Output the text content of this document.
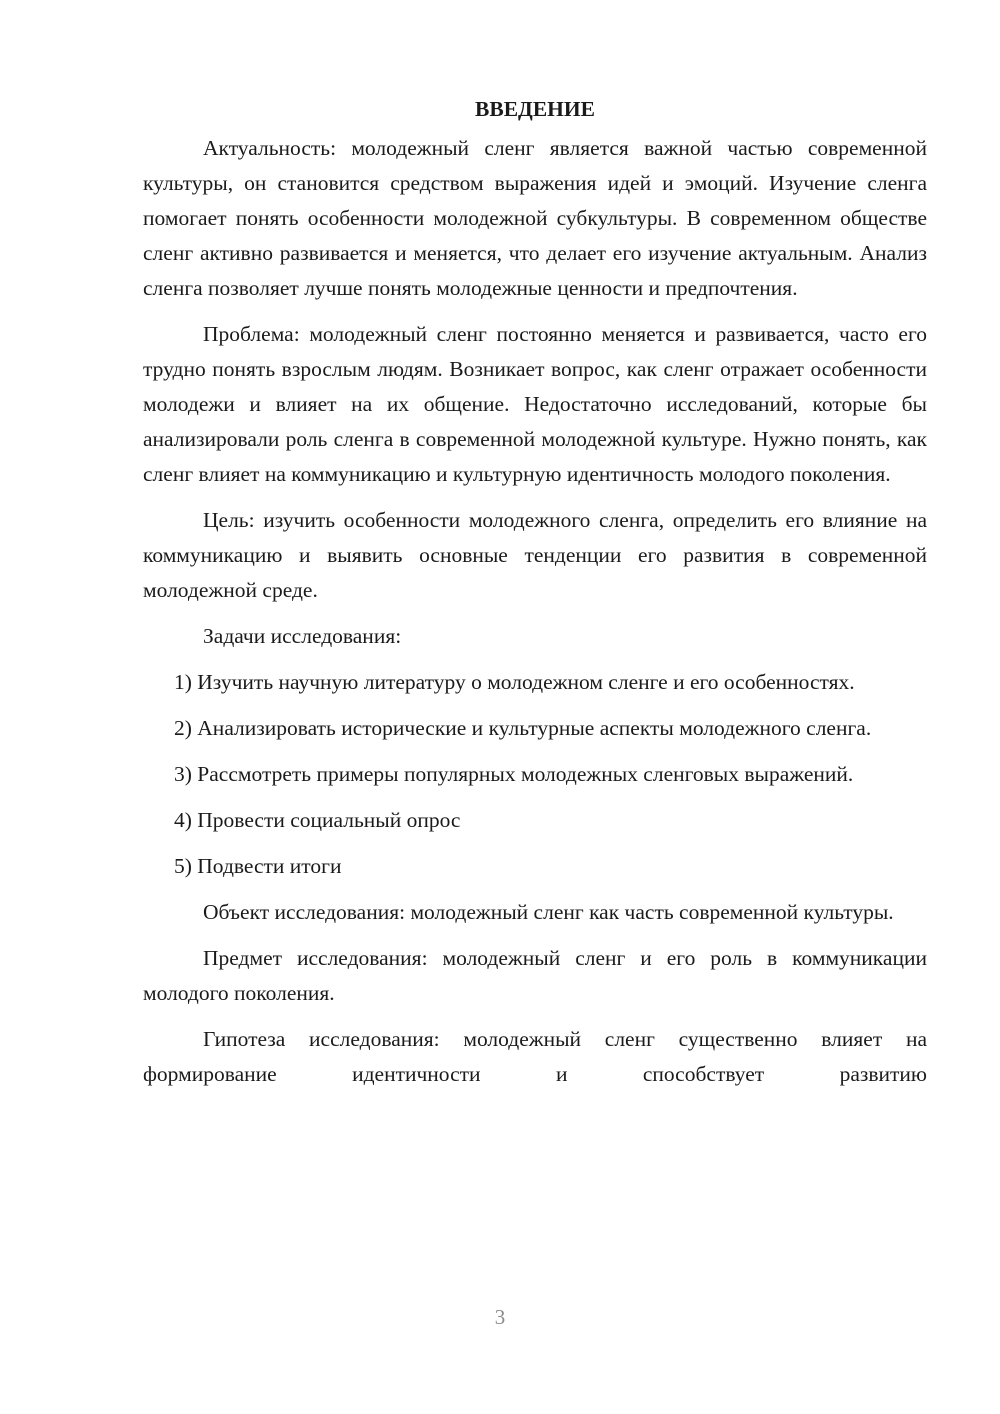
ВВЕДЕНИЕ

Актуальность: молодежный сленг является важной частью современной культуры, он становится средством выражения идей и эмоций. Изучение сленга помогает понять особенности молодежной субкультуры. В современном обществе сленг активно развивается и меняется, что делает его изучение актуальным. Анализ сленга позволяет лучше понять молодежные ценности и предпочтения.

Проблема: молодежный сленг постоянно меняется и развивается, часто его трудно понять взрослым людям. Возникает вопрос, как сленг отражает особенности молодежи и влияет на их общение. Недостаточно исследований, которые бы анализировали роль сленга в современной молодежной культуре. Нужно понять, как сленг влияет на коммуникацию и культурную идентичность молодого поколения.

Цель: изучить особенности молодежного сленга, определить его влияние на коммуникацию и выявить основные тенденции его развития в современной молодежной среде.

Задачи исследования:

1) Изучить научную литературу о молодежном сленге и его особенностях.

2) Анализировать исторические и культурные аспекты молодежного сленга.

3) Рассмотреть примеры популярных молодежных сленговых выражений.

4) Провести социальный опрос

5) Подвести итоги

Объект исследования: молодежный сленг как часть современной культуры.

Предмет исследования: молодежный сленг и его роль в коммуникации молодого поколения.

Гипотеза исследования: молодежный сленг существенно влияет на формирование идентичности и способствует развитию

3
